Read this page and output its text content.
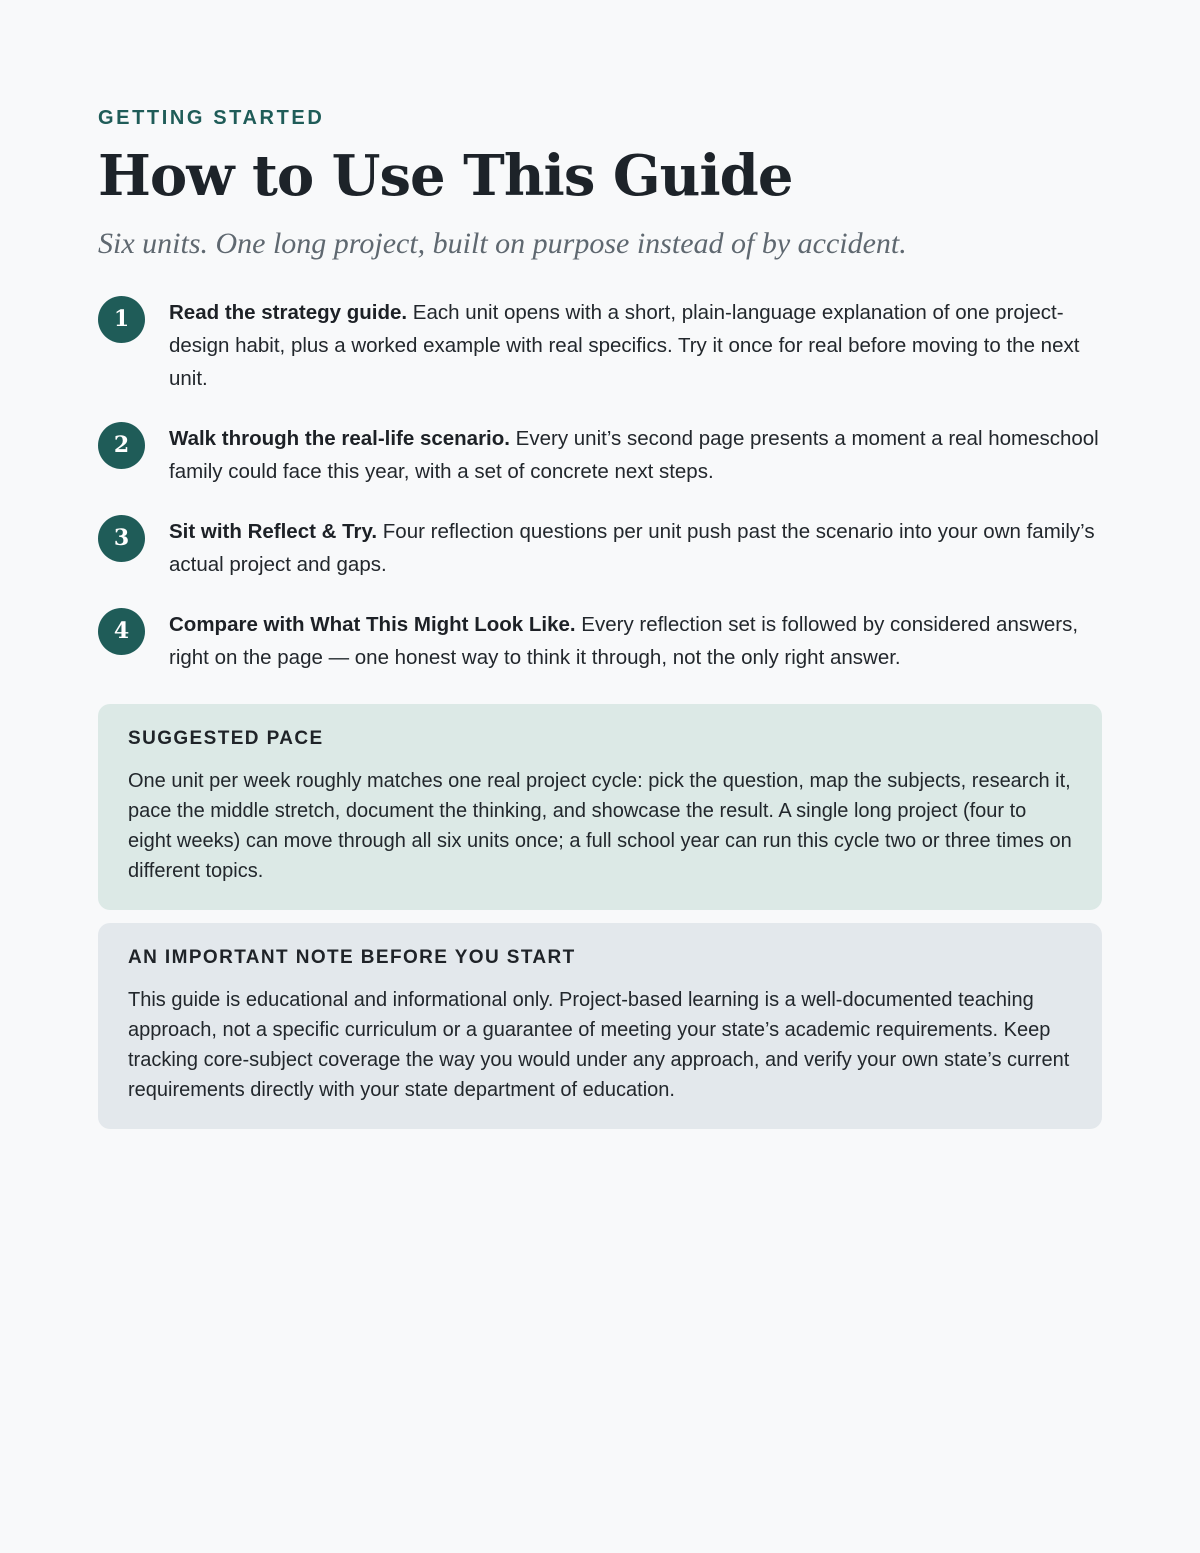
GETTING STARTED
How to Use This Guide
Six units. One long project, built on purpose instead of by accident.
1	Read the strategy guide. Each unit opens with a short, plain-language explanation of one project-design habit, plus a worked example with real specifics. Try it once for real before moving to the next unit.
2	Walk through the real-life scenario. Every unit’s second page presents a moment a real homeschool family could face this year, with a set of concrete next steps.
3	Sit with Reflect & Try. Four reflection questions per unit push past the scenario into your own family’s actual project and gaps.
4	Compare with What This Might Look Like. Every reflection set is followed by considered answers, right on the page — one honest way to think it through, not the only right answer.
SUGGESTED PACE

One unit per week roughly matches one real project cycle: pick the question, map the subjects, research it, pace the middle stretch, document the thinking, and showcase the result. A single long project (four to eight weeks) can move through all six units once; a full school year can run this cycle two or three times on different topics.

AN IMPORTANT NOTE BEFORE YOU START

This guide is educational and informational only. Project-based learning is a well-documented teaching approach, not a specific curriculum or a guarantee of meeting your state’s academic requirements. Keep tracking core-subject coverage the way you would under any approach, and verify your own state’s current requirements directly with your state department of education.
